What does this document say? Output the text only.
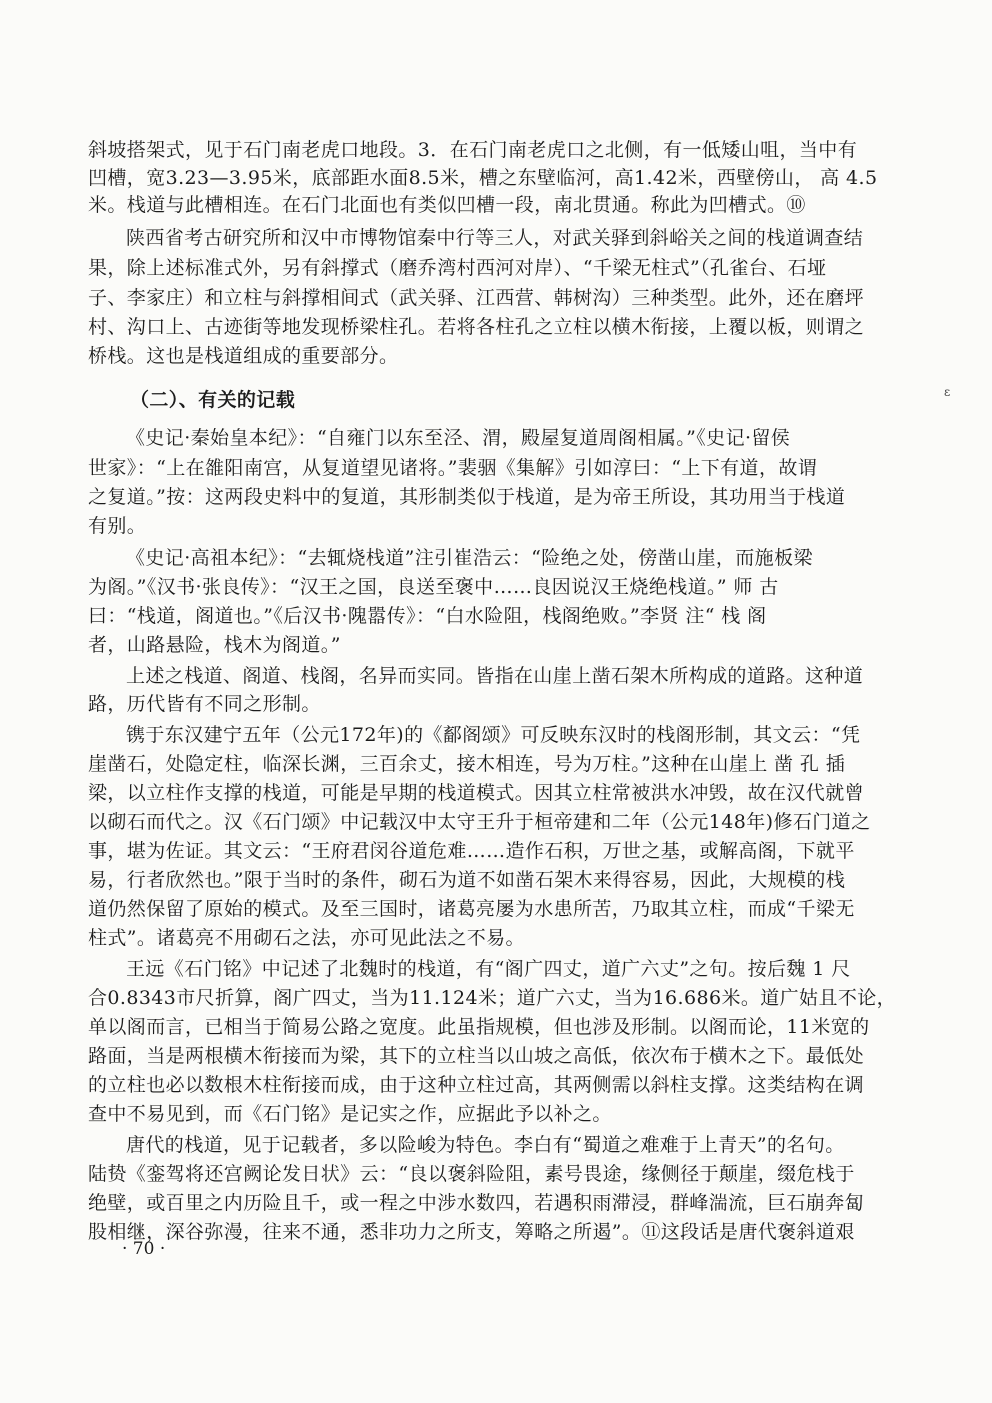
斜坡搭架式，见于石门南老虎口地段。3．在石门南老虎口之北侧，有一低矮山咀，当中有
凹槽，宽3.23—3.95米，底部距水面8.5米，槽之东壁临河，高1.42米，西壁傍山， 高 4.5
米。栈道与此槽相连。在石门北面也有类似凹槽一段，南北贯通。称此为凹槽式。⑩
陕西省考古研究所和汉中市博物馆秦中行等三人，对武关驿到斜峪关之间的栈道调查结
果，除上述标准式外，另有斜撑式（磨乔湾村西河对岸）、“千梁无柱式”（孔雀台、石垭
子、李家庄）和立柱与斜撑相间式（武关驿、江西营、韩树沟）三种类型。此外，还在磨坪
村、沟口上、古迹街等地发现桥梁柱孔。若将各柱孔之立柱以横木衔接，上覆以板，则谓之
桥栈。这也是栈道组成的重要部分。
（二）、有关的记载
《史记·秦始皇本纪》：“自雍门以东至泾、渭，殿屋复道周阁相属。”《史记·留侯
世家》：“上在雒阳南宫，从复道望见诸将。”裴骃《集解》引如淳曰：“上下有道，故谓
之复道。”按：这两段史料中的复道，其形制类似于栈道，是为帝王所设，其功用当于栈道
有别。
《史记·高祖本纪》：“去辄烧栈道”注引崔浩云：“险绝之处，傍凿山崖，而施板梁
为阁。”《汉书·张良传》：“汉王之国，良送至褒中……良因说汉王烧绝栈道。” 师 古
曰：“栈道，阁道也。”《后汉书·隗嚣传》：“白水险阻，栈阁绝败。”李贤 注“ 栈 阁
者，山路悬险，栈木为阁道。”
上述之栈道、阁道、栈阁，名异而实同。皆指在山崖上凿石架木所构成的道路。这种道
路，历代皆有不同之形制。
镌于东汉建宁五年（公元172年)的《鄐阁颂》可反映东汉时的栈阁形制，其文云：“凭
崖凿石，处隐定柱，临深长渊，三百余丈，接木相连，号为万柱。”这种在山崖上 凿 孔 插
梁，以立柱作支撑的栈道，可能是早期的栈道模式。因其立柱常被洪水冲毁，故在汉代就曾
以砌石而代之。汉《石门颂》中记载汉中太守王升于桓帝建和二年（公元148年)修石门道之
事，堪为佐证。其文云：“王府君闵谷道危难……造作石积，万世之基，或解高阁，下就平
易，行者欣然也。”限于当时的条件，砌石为道不如凿石架木来得容易，因此，大规模的栈
道仍然保留了原始的模式。及至三国时，诸葛亮屡为水患所苦，乃取其立柱，而成“千梁无
柱式”。诸葛亮不用砌石之法，亦可见此法之不易。
王远《石门铭》中记述了北魏时的栈道，有“阁广四丈，道广六丈”之句。按后魏 1 尺
合0.8343市尺折算，阁广四丈，当为11.124米；道广六丈，当为16.686米。道广姑且不论，
单以阁而言，已相当于简易公路之宽度。此虽指规模，但也涉及形制。以阁而论，11米宽的
路面，当是两根横木衔接而为梁，其下的立柱当以山坡之高低，依次布于横木之下。最低处
的立柱也必以数根木柱衔接而成，由于这种立柱过高，其两侧需以斜柱支撑。这类结构在调
查中不易见到，而《石门铭》是记实之作，应据此予以补之。
唐代的栈道，见于记载者，多以险峻为特色。李白有“蜀道之难难于上青天”的名句。
陆贽《銮驾将还宫阙论发日状》云：“良以褒斜险阻，素号畏途，缘侧径于颠崖，缀危栈于
绝壁，或百里之内历险且千，或一程之中涉水数四，若遇积雨滞浸，群峰湍流，巨石崩奔匐
股相继，深谷弥漫，往来不通，悉非功力之所支，筹略之所遏”。⑪这段话是唐代褒斜道艰
· 70 ·
ε
